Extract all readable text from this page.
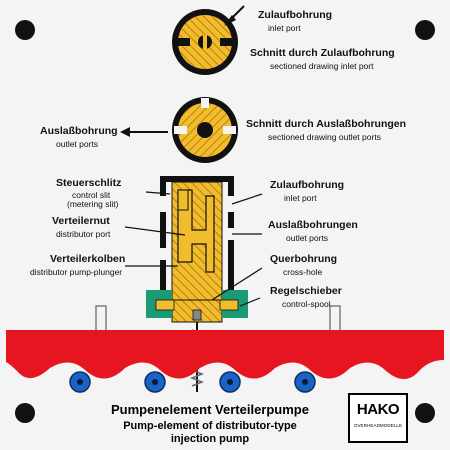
Zulaufbohrung
inlet port
Schnitt durch Zulaufbohrung
sectioned drawing inlet port
Auslaßbohrung
outlet ports
Schnitt durch Auslaßbohrungen
sectioned drawing outlet ports
Steuerschlitz
control slit
(metering slit)
Verteilernut
distributor port
Verteilerkolben
distributor pump-plunger
Zulaufbohrung
inlet port
Auslaßbohrungen
outlet ports
Querbohrung
cross-hole
Regelschieber
control-spool
Pumpenelement Verteilerpumpe
Pump-element of distributor-type
injection pump
HAKO
OVERHEADMODELLE
